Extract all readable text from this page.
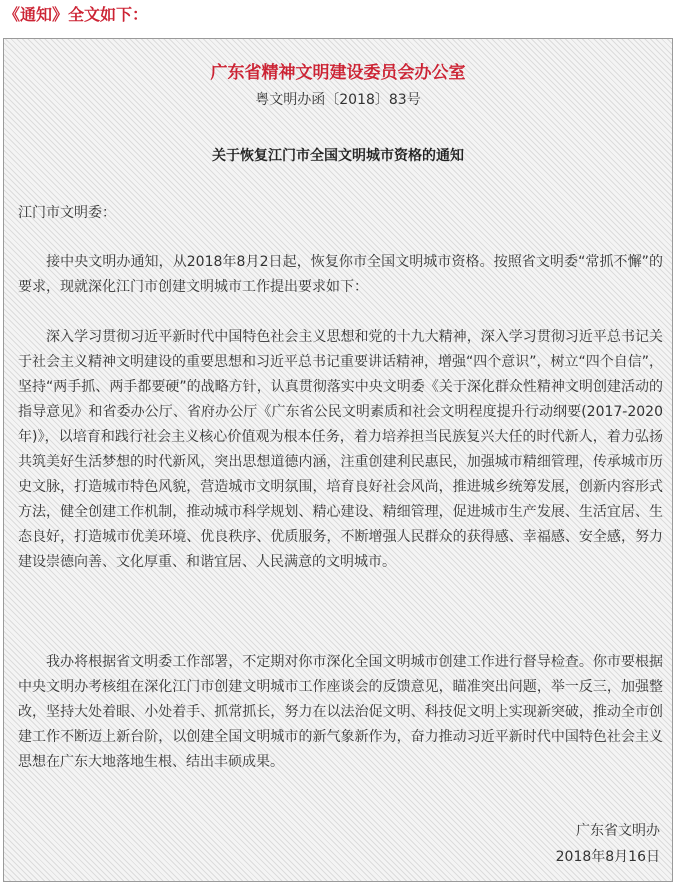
《通知》全文如下：
广东省精神文明建设委员会办公室
粤文明办函〔2018〕83号
关于恢复江门市全国文明城市资格的通知

江门市文明委：

接中央文明办通知，从2018年8月2日起，恢复你市全国文明城市资格。按照省文明委“常抓不懈”的要求，现就深化江门市创建文明城市工作提出要求如下：

深入学习贯彻习近平新时代中国特色社会主义思想和党的十九大精神，深入学习贯彻习近平总书记关于社会主义精神文明建设的重要思想和习近平总书记重要讲话精神，增强“四个意识”，树立“四个自信”，坚持“两手抓、两手都要硬”的战略方针，认真贯彻落实中央文明委《关于深化群众性精神文明创建活动的指导意见》和省委办公厅、省府办公厅《广东省公民文明素质和社会文明程度提升行动纲要(2017-2020年)》，以培育和践行社会主义核心价值观为根本任务，着力培养担当民族复兴大任的时代新人，着力弘扬共筑美好生活梦想的时代新风，突出思想道德内涵，注重创建利民惠民，加强城市精细管理，传承城市历史文脉，打造城市特色风貌，营造城市文明氛围，培育良好社会风尚，推进城乡统筹发展，创新内容形式方法，健全创建工作机制，推动城市科学规划、精心建设、精细管理，促进城市生产发展、生活宜居、生态良好，打造城市优美环境、优良秩序、优质服务，不断增强人民群众的获得感、幸福感、安全感，努力建设崇德向善、文化厚重、和谐宜居、人民满意的文明城市。

我办将根据省文明委工作部署，不定期对你市深化全国文明城市创建工作进行督导检查。你市要根据中央文明办考核组在深化江门市创建文明城市工作座谈会的反馈意见，瞄准突出问题，举一反三，加强整改，坚持大处着眼、小处着手、抓常抓长，努力在以法治促文明、科技促文明上实现新突破，推动全市创建工作不断迈上新台阶，以创建全国文明城市的新气象新作为，奋力推动习近平新时代中国特色社会主义思想在广东大地落地生根、结出丰硕成果。

广东省文明办
2018年8月16日
